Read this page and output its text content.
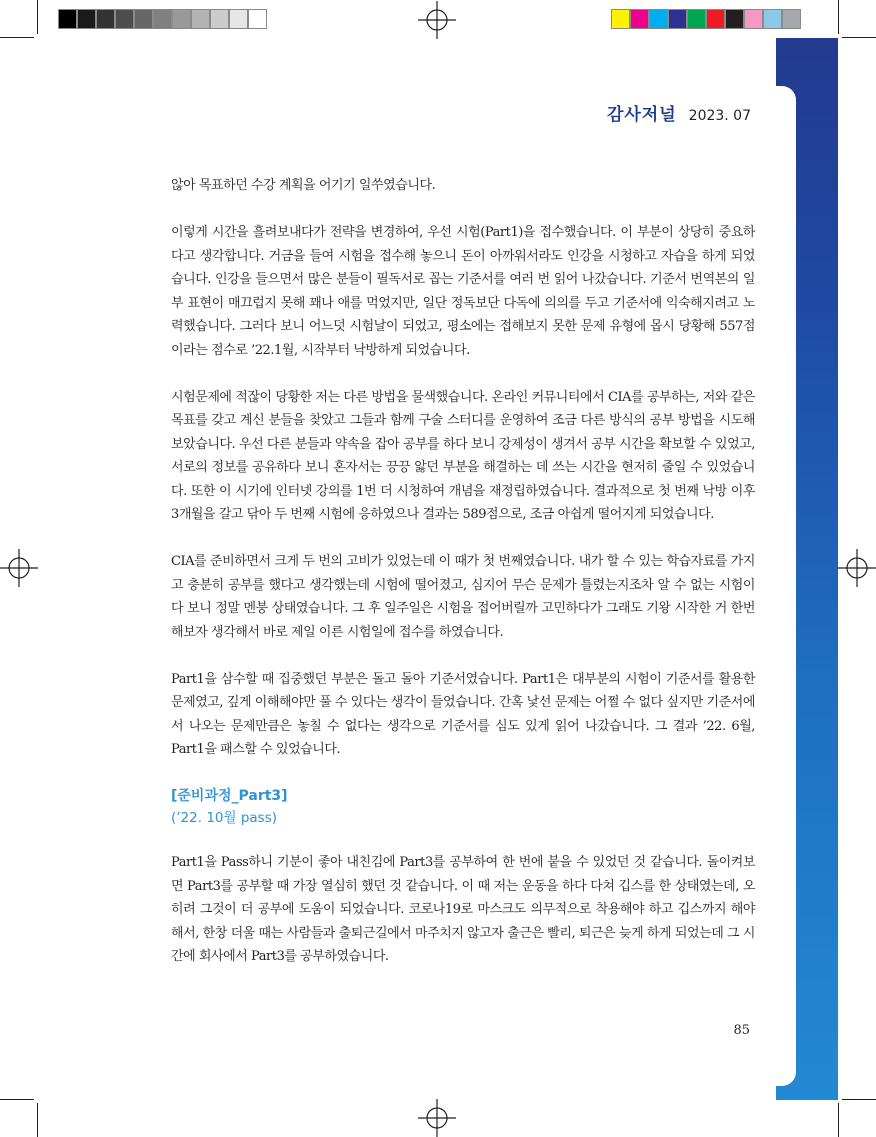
감사저널 2023. 07

않아 목표하던 수강 계획을 어기기 일쑤였습니다.

이렇게 시간을 흘려보내다가 전략을 변경하여, 우선 시험(Part1)을 접수했습니다. 이 부분이 상당히 중요하다고 생각합니다. 거금을 들여 시험을 접수해 놓으니 돈이 아까워서라도 인강을 시청하고 자습을 하게 되었습니다. 인강을 들으면서 많은 분들이 필독서로 꼽는 기준서를 여러 번 읽어 나갔습니다. 기준서 번역본의 일부 표현이 매끄럽지 못해 꽤나 애를 먹었지만, 일단 정독보단 다독에 의의를 두고 기준서에 익숙해지려고 노력했습니다. 그러다 보니 어느덧 시험날이 되었고, 평소에는 접해보지 못한 문제 유형에 몹시 당황해 557점이라는 점수로 ’22.1월, 시작부터 낙방하게 되었습니다.

시험문제에 적잖이 당황한 저는 다른 방법을 물색했습니다. 온라인 커뮤니티에서 CIA를 공부하는, 저와 같은 목표를 갖고 계신 분들을 찾았고 그들과 함께 구술 스터디를 운영하여 조금 다른 방식의 공부 방법을 시도해 보았습니다. 우선 다른 분들과 약속을 잡아 공부를 하다 보니 강제성이 생겨서 공부 시간을 확보할 수 있었고, 서로의 정보를 공유하다 보니 혼자서는 끙끙 앓던 부분을 해결하는 데 쓰는 시간을 현저히 줄일 수 있었습니다. 또한 이 시기에 인터넷 강의를 1번 더 시청하여 개념을 재정립하였습니다. 결과적으로 첫 번째 낙방 이후 3개월을 갈고 닦아 두 번째 시험에 응하였으나 결과는 589점으로, 조금 아쉽게 떨어지게 되었습니다.

CIA를 준비하면서 크게 두 번의 고비가 있었는데 이 때가 첫 번째였습니다. 내가 할 수 있는 학습자료를 가지고 충분히 공부를 했다고 생각했는데 시험에 떨어졌고, 심지어 무슨 문제가 틀렸는지조차 알 수 없는 시험이다 보니 정말 멘붕 상태였습니다. 그 후 일주일은 시험을 접어버릴까 고민하다가 그래도 기왕 시작한 거 한번 해보자 생각해서 바로 제일 이른 시험일에 접수를 하였습니다.

Part1을 삼수할 때 집중했던 부분은 돌고 돌아 기준서였습니다. Part1은 대부분의 시험이 기준서를 활용한 문제였고, 깊게 이해해야만 풀 수 있다는 생각이 들었습니다. 간혹 낯선 문제는 어쩔 수 없다 싶지만 기준서에서 나오는 문제만큼은 놓칠 수 없다는 생각으로 기준서를 심도 있게 읽어 나갔습니다. 그 결과 ’22. 6월, Part1을 패스할 수 있었습니다.

[준비과정_Part3]

(’22. 10월 pass)

Part1을 Pass하니 기분이 좋아 내친김에 Part3를 공부하여 한 번에 붙을 수 있었던 것 같습니다. 돌이켜보면 Part3를 공부할 때 가장 열심히 했던 것 같습니다. 이 때 저는 운동을 하다 다쳐 깁스를 한 상태였는데, 오히려 그것이 더 공부에 도움이 되었습니다. 코로나19로 마스크도 의무적으로 착용해야 하고 깁스까지 해야 해서, 한창 더울 때는 사람들과 출퇴근길에서 마주치지 않고자 출근은 빨리, 퇴근은 늦게 하게 되었는데 그 시간에 회사에서 Part3를 공부하였습니다.

85
